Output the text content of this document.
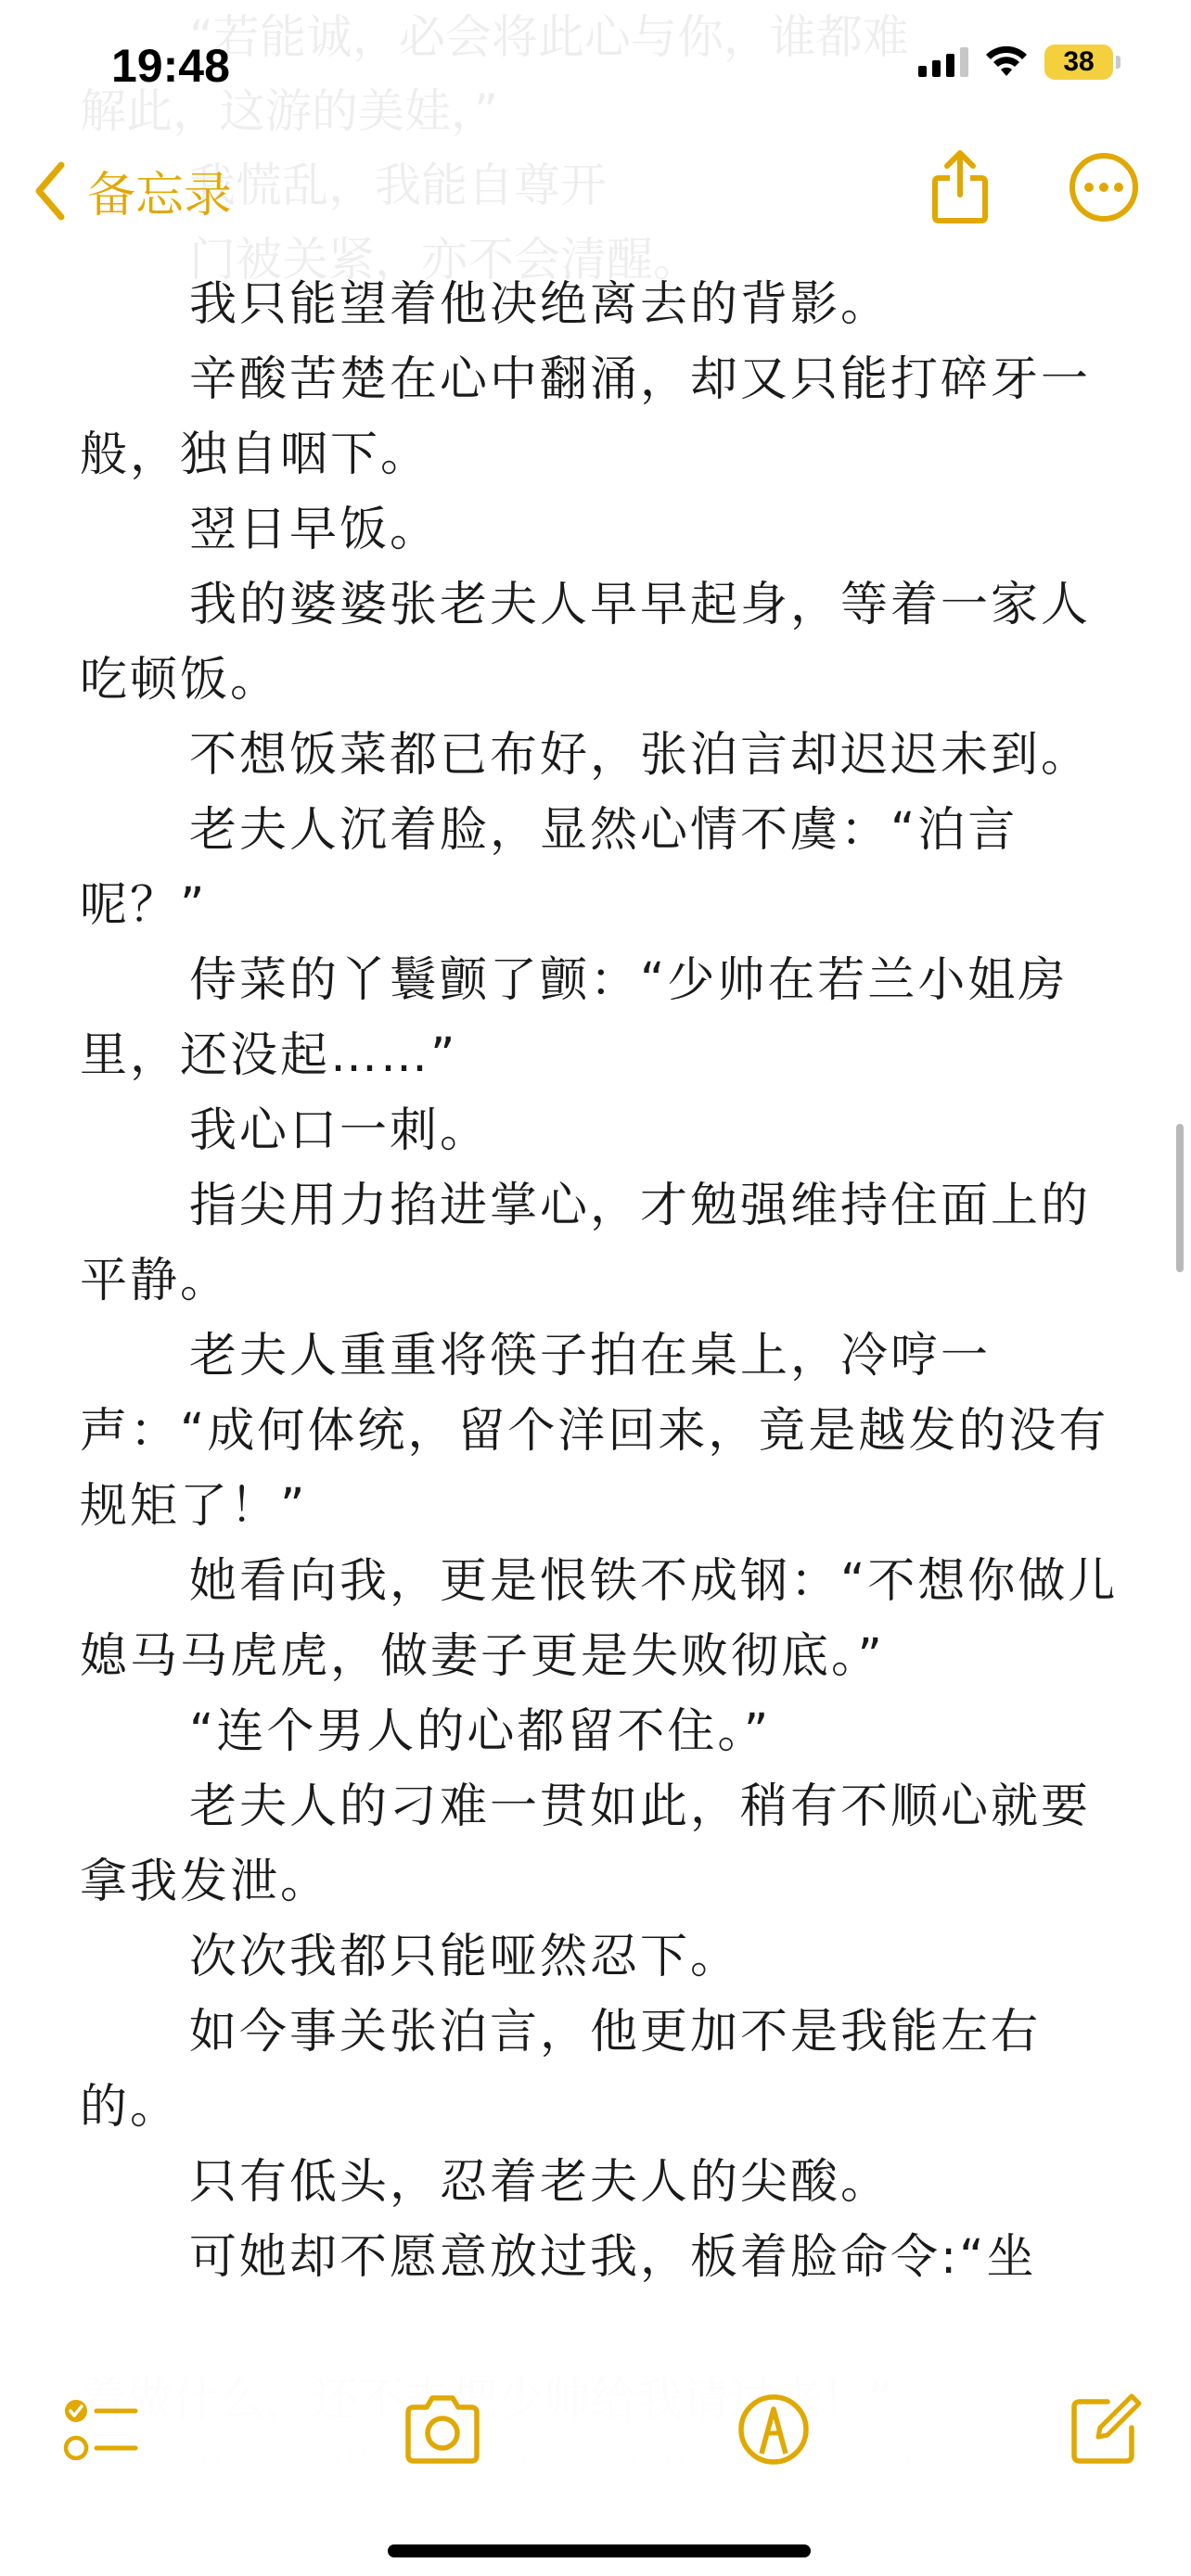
“若能诚，必会将此心与你，谁都难
解此，这游的美娃，”
我慌乱，我能自尊开
门被关紧，亦不会清醒。
19:48	38
备忘录

我只能望着他决绝离去的背影。

辛酸苦楚在心中翻涌，却又只能打碎牙一般，独自咽下。

翌日早饭。

我的婆婆张老夫人早早起身，等着一家人吃顿饭。

不想饭菜都已布好，张泊言却迟迟未到。

老夫人沉着脸，显然心情不虞：“泊言呢？”

侍菜的丫鬟颤了颤：“少帅在若兰小姐房里，还没起……”

我心口一刺。

指尖用力掐进掌心，才勉强维持住面上的平静。

老夫人重重将筷子拍在桌上，冷哼一声：“成何体统，留个洋回来，竟是越发的没有规矩了！”

她看向我，更是恨铁不成钢：“不想你做儿媳马马虎虎，做妻子更是失败彻底。”

“连个男人的心都留不住。”

老夫人的刁难一贯如此，稍有不顺心就要拿我发泄。

次次我都只能哑然忍下。

如今事关张泊言，他更加不是我能左右的。

只有低头，忍着老夫人的尖酸。

可她却不愿意放过我，板着脸命令:“坐
